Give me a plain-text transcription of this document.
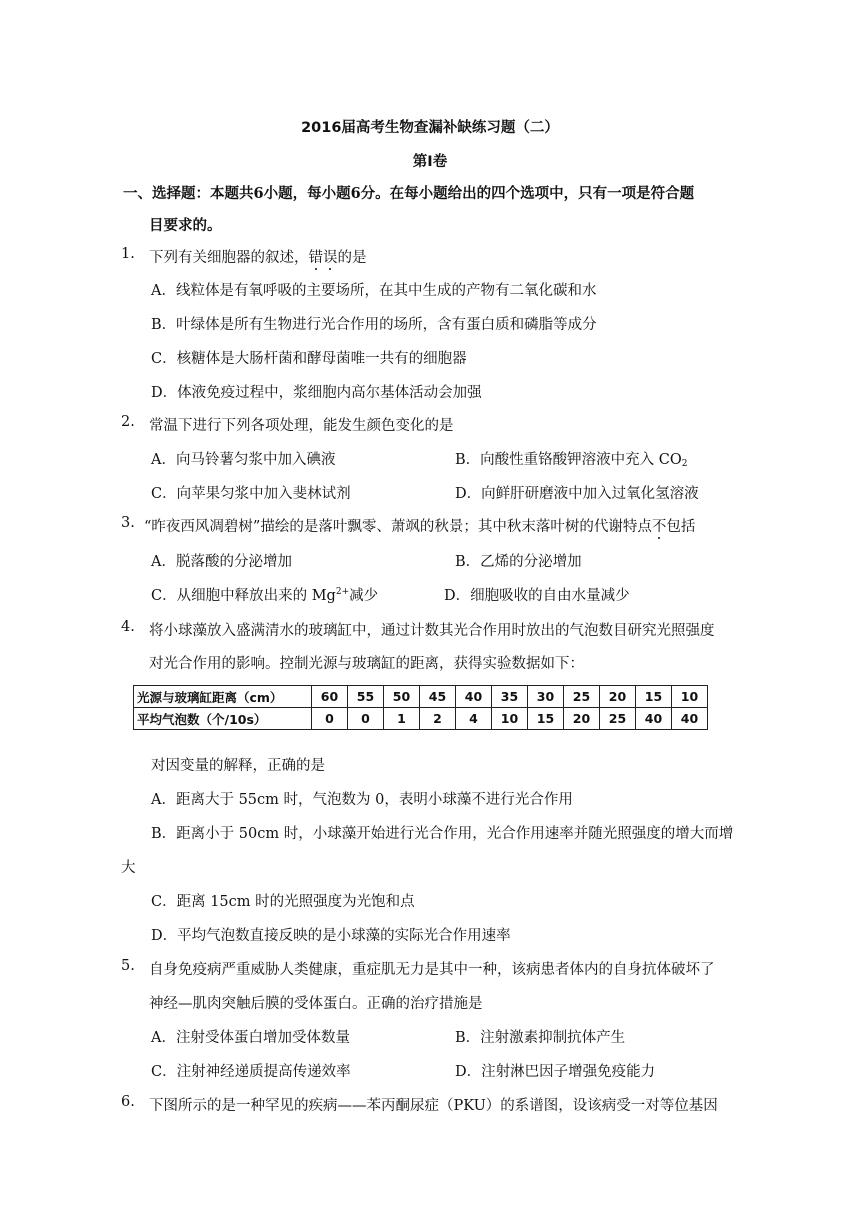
2016届高考生物查漏补缺练习题（二）
第Ⅰ卷
一、选择题：本题共6小题，每小题6分。在每小题给出的四个选项中，只有一项是符合题
目要求的。
1. 下列有关细胞器的叙述，错误的是
A．线粒体是有氧呼吸的主要场所，在其中生成的产物有二氧化碳和水
B．叶绿体是所有生物进行光合作用的场所，含有蛋白质和磷脂等成分
C．核糖体是大肠杆菌和酵母菌唯一共有的细胞器
D．体液免疫过程中，浆细胞内高尔基体活动会加强
2. 常温下进行下列各项处理，能发生颜色变化的是
A．向马铃薯匀浆中加入碘液	B．向酸性重铬酸钾溶液中充入 $CO_2$
C．向苹果匀浆中加入斐林试剂	D．向鲜肝研磨液中加入过氧化氢溶液
3. “昨夜西风凋碧树”描绘的是落叶飘零、萧飒的秋景；其中秋末落叶树的代谢特点不包括
A．脱落酸的分泌增加	B．乙烯的分泌增加
C．从细胞中释放出来的 $Mg^{2+}$减少	D．细胞吸收的自由水量减少
4. 将小球藻放入盛满清水的玻璃缸中，通过计数其光合作用时放出的气泡数目研究光照强度
对光合作用的影响。控制光源与玻璃缸的距离，获得实验数据如下：
光源与玻璃缸距离（cm）	60	55	50	45	40	35	30	25	20	15	10
平均气泡数（个/10s）	0	0	1	2	4	10	15	20	25	40	40
对因变量的解释，正确的是
A．距离大于 55cm 时，气泡数为 0，表明小球藻不进行光合作用
B．距离小于 50cm 时，小球藻开始进行光合作用，光合作用速率并随光照强度的增大而增
大
C．距离 15cm 时的光照强度为光饱和点
D．平均气泡数直接反映的是小球藻的实际光合作用速率
5. 自身免疫病严重威胁人类健康，重症肌无力是其中一种，该病患者体内的自身抗体破坏了
神经—肌肉突触后膜的受体蛋白。正确的治疗措施是
A．注射受体蛋白增加受体数量	B．注射激素抑制抗体产生
C．注射神经递质提高传递效率	D．注射淋巴因子增强免疫能力
6. 下图所示的是一种罕见的疾病——苯丙酮尿症（PKU）的系谱图，设该病受一对等位基因
